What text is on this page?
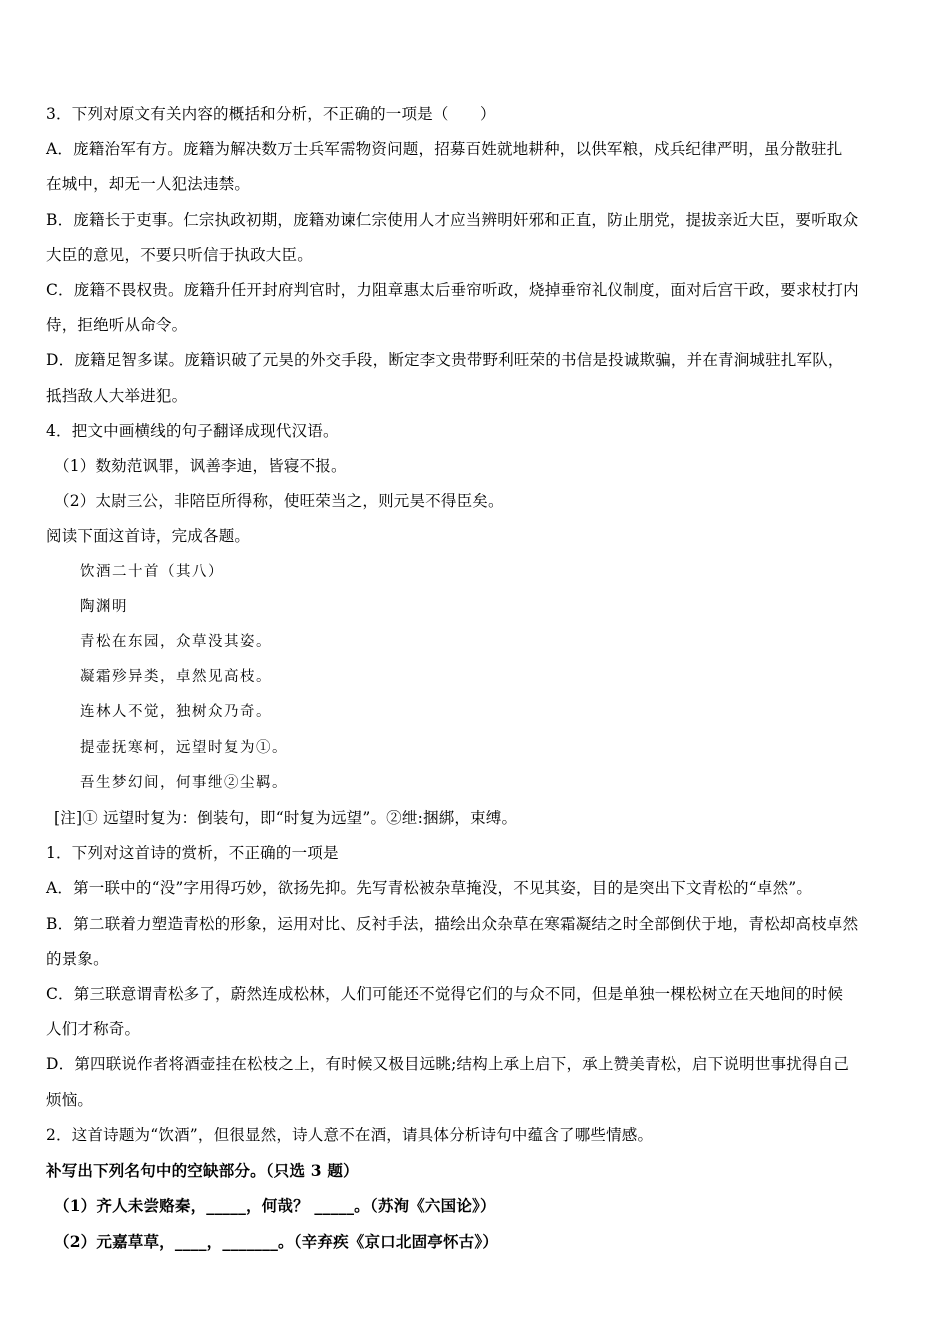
3．下列对原文有关内容的概括和分析，不正确的一项是（　　）
A．庞籍治军有方。庞籍为解决数万士兵军需物资问题，招募百姓就地耕种，以供军粮，戍兵纪律严明，虽分散驻扎
在城中，却无一人犯法违禁。
B．庞籍长于吏事。仁宗执政初期，庞籍劝谏仁宗使用人才应当辨明奸邪和正直，防止朋党，提拔亲近大臣，要听取众
大臣的意见，不要只听信于执政大臣。
C．庞籍不畏权贵。庞籍升任开封府判官时，力阻章惠太后垂帘听政，烧掉垂帘礼仪制度，面对后宫干政，要求杖打内
侍，拒绝听从命令。
D．庞籍足智多谋。庞籍识破了元昊的外交手段，断定李文贵带野利旺荣的书信是投诚欺骗，并在青涧城驻扎军队，
抵挡敌人大举进犯。
4．把文中画横线的句子翻译成现代汉语。
（1）数劾范讽罪，讽善李迪，皆寝不报。
（2）太尉三公，非陪臣所得称，使旺荣当之，则元昊不得臣矣。
阅读下面这首诗，完成各题。
饮酒二十首（其八）
陶渊明
青松在东园，众草没其姿。
凝霜殄异类，卓然见高枝。
连林人不觉，独树众乃奇。
提壶抚寒柯，远望时复为①。
吾生梦幻间，何事绁②尘羁。
[注]① 远望时复为：倒装句，即“时复为远望”。②绁:捆綁，束缚。
1．下列对这首诗的赏析，不正确的一项是
A．第一联中的“没”字用得巧妙，欲扬先抑。先写青松被杂草掩没，不见其姿，目的是突出下文青松的“卓然”。
B．第二联着力塑造青松的形象，运用对比、反衬手法，描绘出众杂草在寒霜凝结之时全部倒伏于地，青松却高枝卓然
的景象。
C．第三联意谓青松多了，蔚然连成松林，人们可能还不觉得它们的与众不同，但是单独一棵松树立在天地间的时候
人们才称奇。
D．第四联说作者将酒壶挂在松枝之上，有时候又极目远眺;结构上承上启下，承上赞美青松，启下说明世事扰得自己
烦恼。
2．这首诗题为“饮酒”，但很显然，诗人意不在酒，请具体分析诗句中蕴含了哪些情感。
补写出下列名句中的空缺部分。（只选 3 题）
（1）齐人未尝赂秦，_____，何哉？ _____。（苏洵《六国论》）
（2）元嘉草草，____，_______。（辛弃疾《京口北固亭怀古》）
